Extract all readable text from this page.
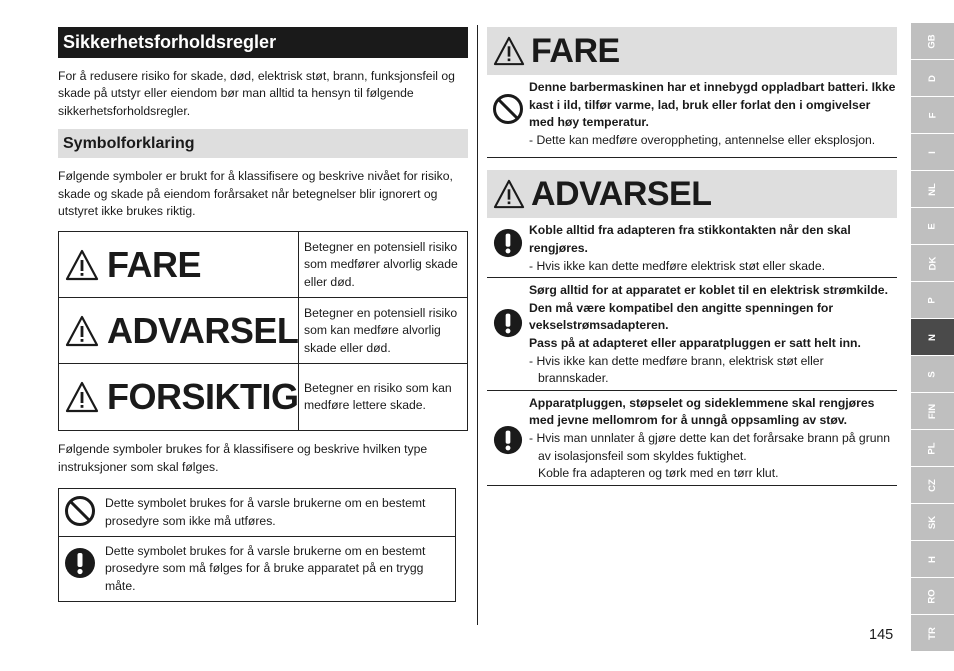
Sikkerhetsforholdsregler
For å redusere risiko for skade, død, elektrisk støt, brann, funksjonsfeil og skade på utstyr eller eiendom bør man alltid ta hensyn til følgende sikkerhetsforholdsregler.
Symbolforklaring
Følgende symboler er brukt for å klassifisere og beskrive nivået for risiko, skade og skade på eiendom forårsaket når betegnelser blir ignorert og utstyret ikke brukes riktig.
FARE	Betegner en potensiell risiko som medfører alvorlig skade eller død.
ADVARSEL Betegner en potensiell risiko som kan medføre alvorlig skade eller død.
FORSIKTIG Betegner en risiko som kan medføre lettere skade.
Følgende symboler brukes for å klassifisere og beskrive hvilken type instruksjoner som skal følges.
Dette symbolet brukes for å varsle brukerne om en bestemt prosedyre som ikke må utføres.
Dette symbolet brukes for å varsle brukerne om en bestemt prosedyre som må følges for å bruke apparatet på en trygg måte.
FARE
Denne barbermaskinen har et innebygd oppladbart batteri. Ikke kast i ild, tilfør varme, lad, bruk eller forlat den i omgivelser med høy temperatur.
- Dette kan medføre overoppheting, antennelse eller eksplosjon.
ADVARSEL
Koble alltid fra adapteren fra stikkontakten når den skal rengjøres.
- Hvis ikke kan dette medføre elektrisk støt eller skade.
Sørg alltid for at apparatet er koblet til en elektrisk strømkilde. Den må være kompatibel den angitte spenningen for vekselstrømsadapteren.
Pass på at adapteret eller apparatpluggen er satt helt inn.
- Hvis ikke kan dette medføre brann, elektrisk støt eller brannskader.
Apparatpluggen, støpselet og sideklemmene skal rengjøres med jevne mellomrom for å unngå oppsamling av støv.
- Hvis man unnlater å gjøre dette kan det forårsake brann på grunn av isolasjonsfeil som skyldes fuktighet.
Koble fra adapteren og tørk med en tørr klut.
GB
D
F
I
NL
E
DK
P
N
S
FIN
PL
CZ
SK
H
RO
TR
145
